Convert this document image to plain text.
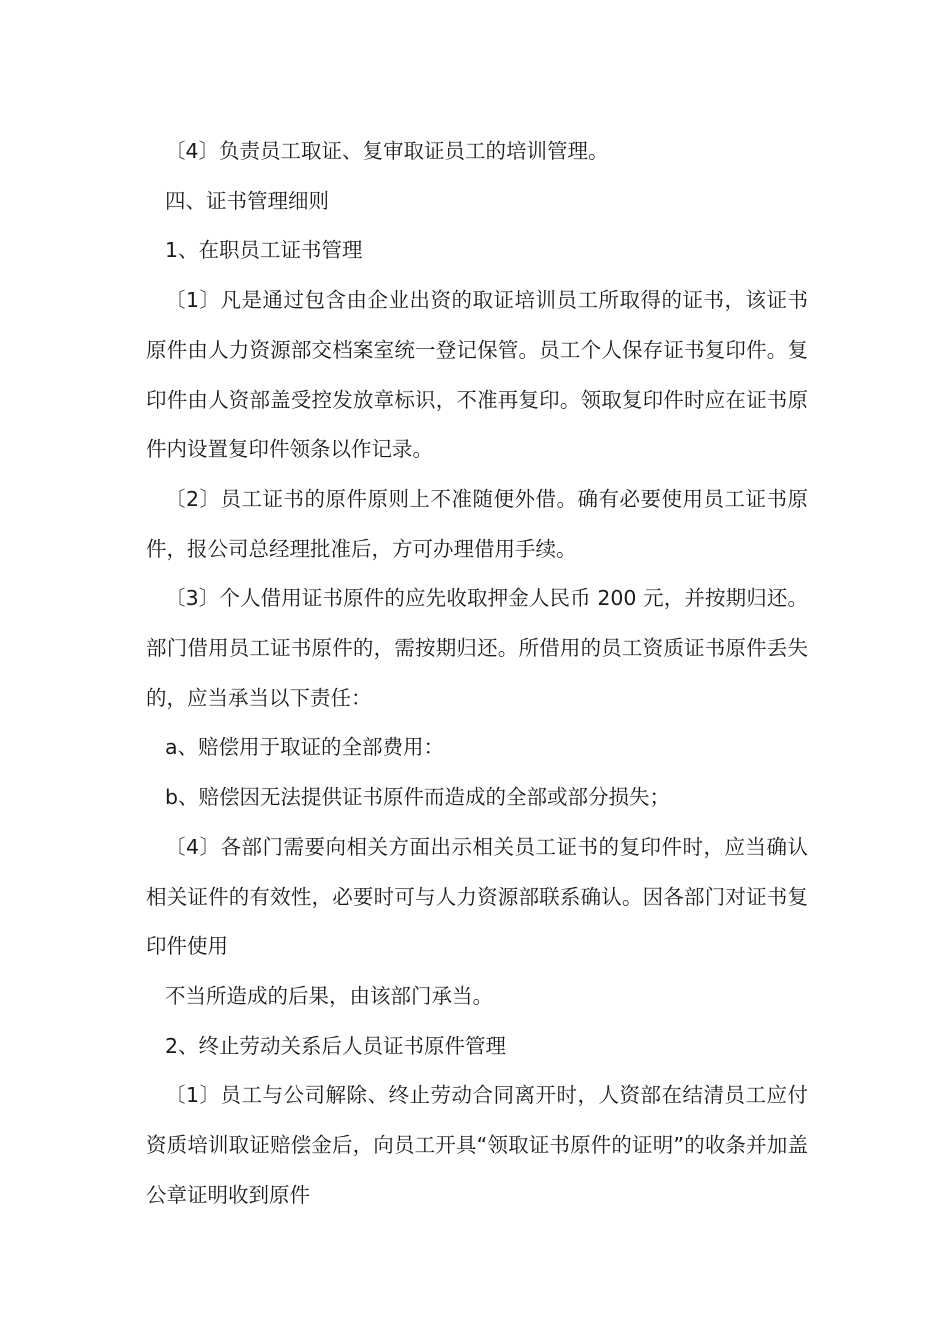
〔4〕负责员工取证、复审取证员工的培训管理。

四、证书管理细则

1、在职员工证书管理

〔1〕凡是通过包含由企业出资的取证培训员工所取得的证书，该证书原件由人力资源部交档案室统一登记保管。员工个人保存证书复印件。复印件由人资部盖受控发放章标识，不准再复印。领取复印件时应在证书原件内设置复印件领条以作记录。

〔2〕员工证书的原件原则上不准随便外借。确有必要使用员工证书原件，报公司总经理批准后，方可办理借用手续。

〔3〕个人借用证书原件的应先收取押金人民币 200 元，并按期归还。部门借用员工证书原件的，需按期归还。所借用的员工资质证书原件丢失的，应当承当以下责任：

a、赔偿用于取证的全部费用：

b、赔偿因无法提供证书原件而造成的全部或部分损失；

〔4〕各部门需要向相关方面出示相关员工证书的复印件时，应当确认相关证件的有效性，必要时可与人力资源部联系确认。因各部门对证书复印件使用

不当所造成的后果，由该部门承当。

2、终止劳动关系后人员证书原件管理

〔1〕员工与公司解除、终止劳动合同离开时，人资部在结清员工应付资质培训取证赔偿金后，向员工开具“领取证书原件的证明”的收条并加盖公章证明收到原件
